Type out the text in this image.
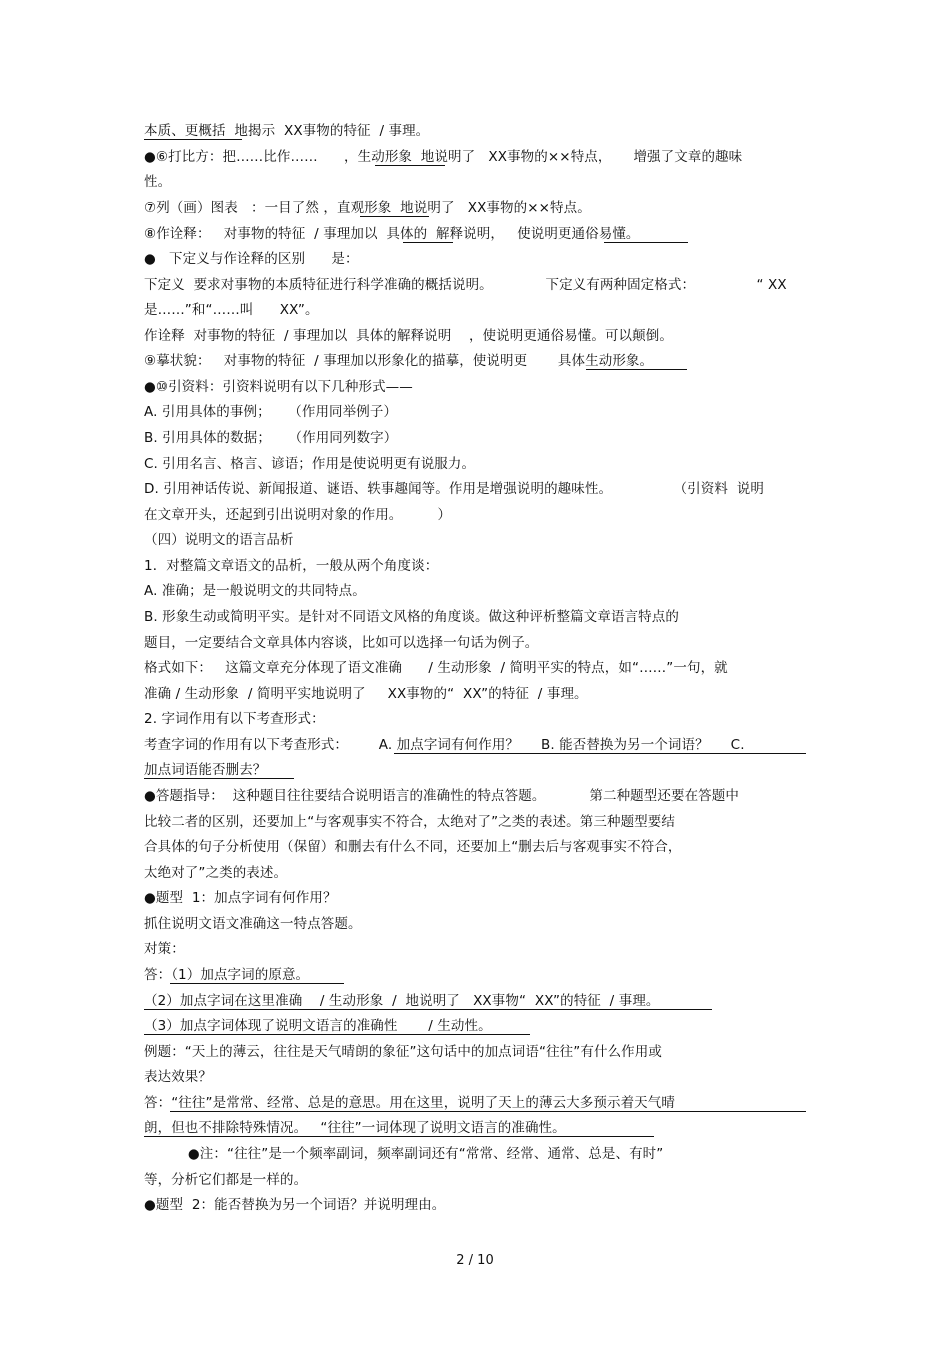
本质、更概括  地揭示  XX事物的特征  / 事理。
●⑥打比方：把……比作……      ，生动形象  地说明了   XX事物的××特点，     增强了文章的趣味
性。
⑦列（画）图表   ：一目了然 ，直观形象  地说明了   XX事物的××特点。
⑧作诠释：   对事物的特征  / 事理加以  具体的  解释说明，   使说明更通俗易懂。
●   下定义与作诠释的区别      是：
下定义  要求对事物的本质特征进行科学准确的概括说明。            下定义有两种固定格式：              “ XX
是……”和“……叫      XX”。
作诠释  对事物的特征  / 事理加以  具体的解释说明    ，使说明更通俗易懂。可以颠倒。
⑨摹状貌：   对事物的特征  / 事理加以形象化的描摹，使说明更       具体生动形象。
●⑩引资料：引资料说明有以下几种形式——
A. 引用具体的事例；    （作用同举例子）
B. 引用具体的数据；    （作用同列数字）
C. 引用名言、格言、谚语；作用是使说明更有说服力。
D. 引用神话传说、新闻报道、谜语、轶事趣闻等。作用是增强说明的趣味性。              （引资料  说明
在文章开头，还起到引出说明对象的作用。        ）
（四）说明文的语言品析
1．对整篇文章语文的品析，一般从两个角度谈：
A. 准确；是一般说明文的共同特点。
B. 形象生动或简明平实。是针对不同语文风格的角度谈。做这种评析整篇文章语言特点的
题目，一定要结合文章具体内容谈，比如可以选择一句话为例子。
格式如下：   这篇文章充分体现了语文准确      / 生动形象  / 简明平实的特点，如“……”一句，就
准确 / 生动形象  / 简明平实地说明了     XX事物的“  XX”的特征  / 事理。
2. 字词作用有以下考查形式：
考查字词的作用有以下考查形式：       A. 加点字词有何作用？     B. 能否替换为另一个词语？     C.
加点词语能否删去？
●答题指导：  这种题目往往要结合说明语言的准确性的特点答题。          第二种题型还要在答题中
比较二者的区别，还要加上“与客观事实不符合，太绝对了”之类的表述。第三种题型要结
合具体的句子分析使用（保留）和删去有什么不同，还要加上“删去后与客观事实不符合，
太绝对了”之类的表述。
●题型  1：加点字词有何作用？
抓住说明文语文准确这一特点答题。
对策：
答：（1）加点字词的原意。
（2）加点字词在这里准确    / 生动形象  /  地说明了   XX事物“  XX”的特征  / 事理。
（3）加点字词体现了说明文语言的准确性       / 生动性。
例题：“天上的薄云，往往是天气晴朗的象征”这句话中的加点词语“往往”有什么作用或
表达效果？
答：“往往”是常常、经常、总是的意思。用在这里，说明了天上的薄云大多预示着天气晴
朗，但也不排除特殊情况。   “往往”一词体现了说明文语言的准确性。
●注：“往往”是一个频率副词，频率副词还有“常常、经常、通常、总是、有时”
等，分析它们都是一样的。
●题型  2：能否替换为另一个词语？并说明理由。
2 / 10
